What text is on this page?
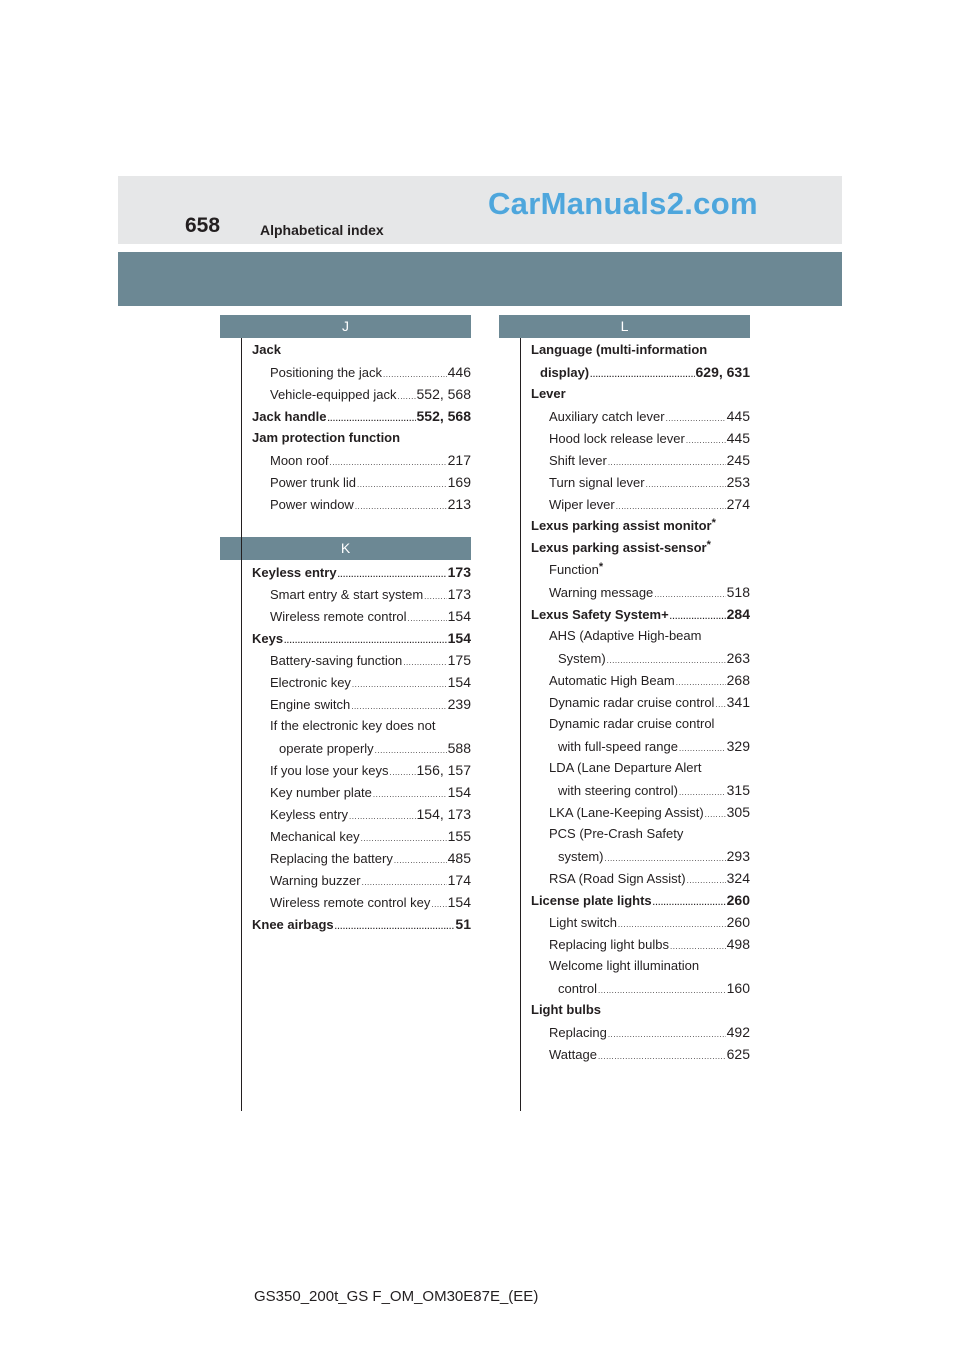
658	Alphabetical index
CarManuals2.com
J
K
L
Jack
Positioning the jack .....	446
Vehicle-equipped jack ..... 552, 568
Jack handle .....	552, 568
Jam protection function
Moon roof .....	217
Power trunk lid .....	169
Power window .....	213
Keyless entry .....	173
Smart entry & start system ..... 173
Wireless remote control .....	154
Keys .....	154
Battery-saving function .....	175
Electronic key .....	154
Engine switch .....	239
If the electronic key does not
operate properly .....	588
If you lose your keys ..... 156, 157
Key number plate .....	154
Keyless entry .....	154, 173
Mechanical key .....	155
Replacing the battery .....	485
Warning buzzer .....	174
Wireless remote control key ..... 154
Knee airbags .....	51
Language (multi-information
display) .....	629, 631
Lever
Auxiliary catch lever .....	445
Hood lock release lever .....	445
Shift lever .....	245
Turn signal lever .....	253
Wiper lever .....	274
Lexus parking assist monitor*
Lexus parking assist-sensor*
Function*
Warning message .....	518
Lexus Safety System+ .....	284
AHS (Adaptive High-beam
System) .....	263
Automatic High Beam .....	268
Dynamic radar cruise control ..... 341
Dynamic radar cruise control
with full-speed range .....	329
LDA (Lane Departure Alert
with steering control) .....	315
LKA (Lane-Keeping Assist) ..... 305
PCS (Pre-Crash Safety
system) .....	293
RSA (Road Sign Assist) .....	324
License plate lights .....	260
Light switch .....	260
Replacing light bulbs .....	498
Welcome light illumination
control .....	160
Light bulbs
Replacing .....	492
Wattage .....	625
GS350_200t_GS F_OM_OM30E87E_(EE)
